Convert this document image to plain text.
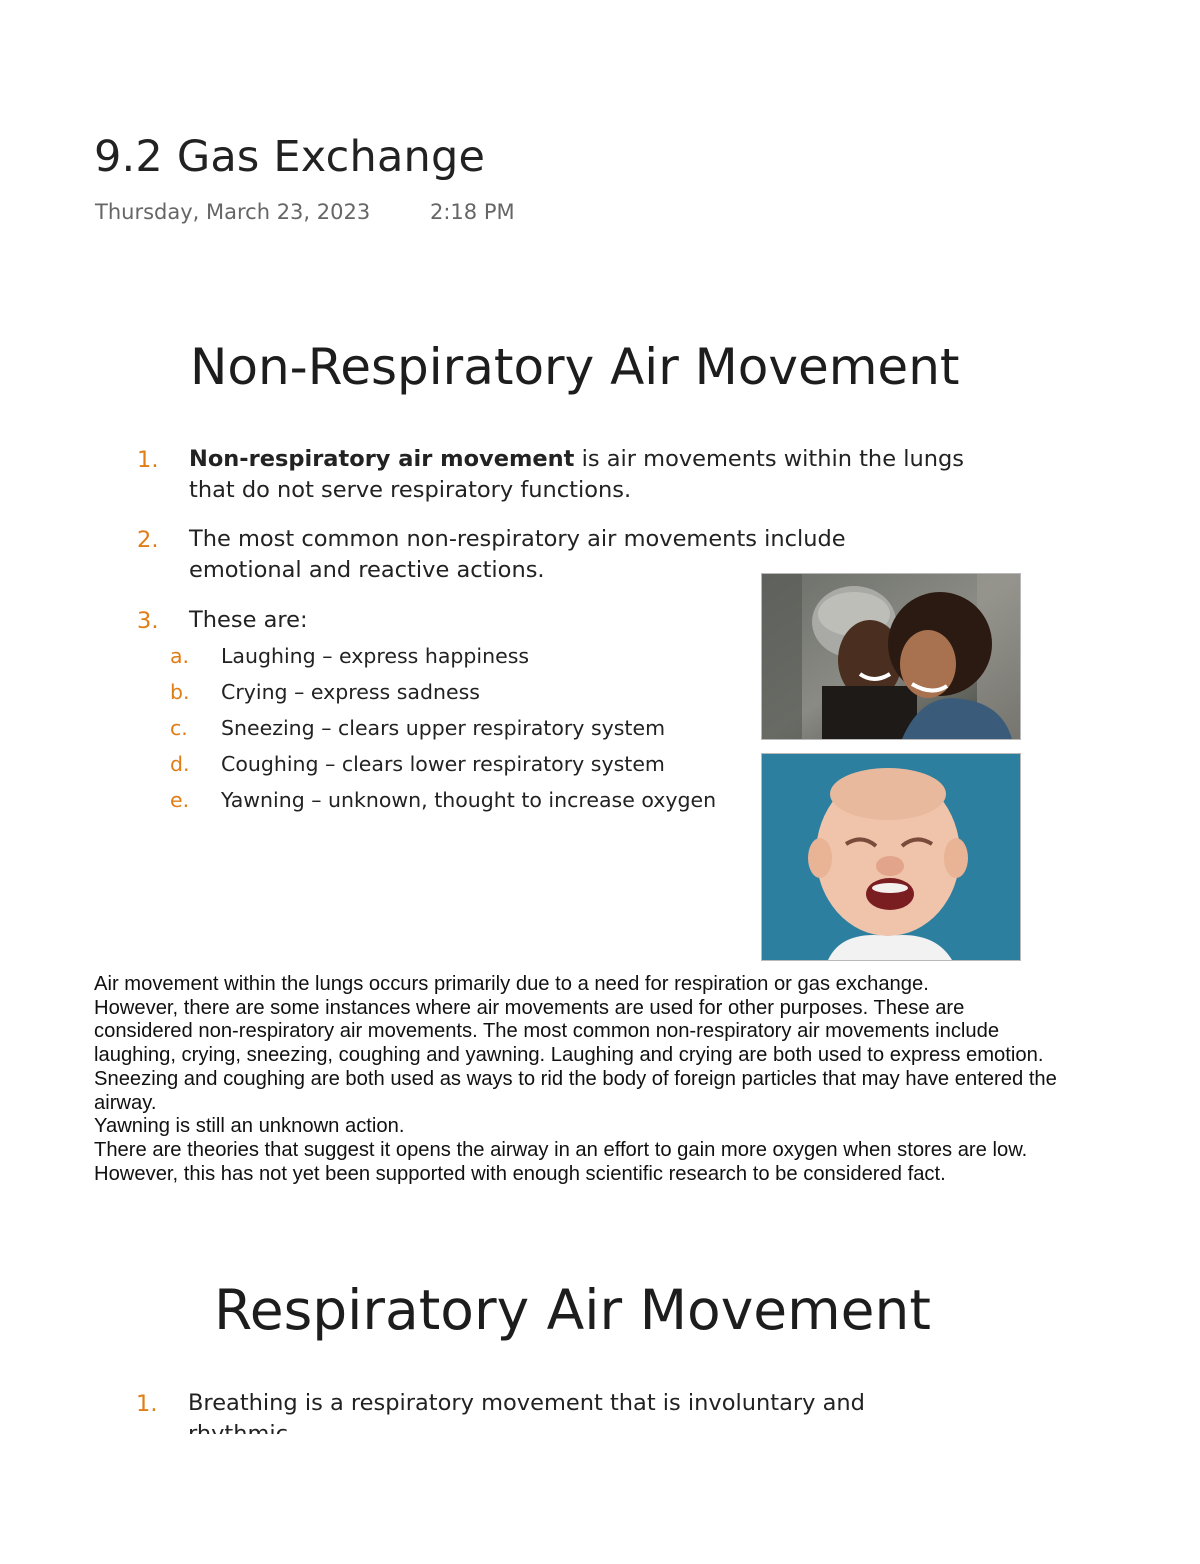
9.2 Gas Exchange
Thursday, March 23, 2023	2:18 PM
Non-Respiratory Air Movement
1. Non-respiratory air movement is air movements within the lungs
that do not serve respiratory functions.
2. The most common non-respiratory air movements include
emotional and reactive actions.
3. These are:
a. Laughing – express happiness
b. Crying – express sadness
c. Sneezing – clears upper respiratory system
d. Coughing – clears lower respiratory system
e. Yawning – unknown, thought to increase oxygen
Air movement within the lungs occurs primarily due to a need for respiration or gas exchange.
However, there are some instances where air movements are used for other purposes. These are
considered non-respiratory air movements. The most common non-respiratory air movements include
laughing, crying, sneezing, coughing and yawning. Laughing and crying are both used to express emotion.
Sneezing and coughing are both used as ways to rid the body of foreign particles that may have entered the
airway.
Yawning is still an unknown action.
There are theories that suggest it opens the airway in an effort to gain more oxygen when stores are low.
However, this has not yet been supported with enough scientific research to be considered fact.
Respiratory Air Movement
1. Breathing is a respiratory movement that is involuntary and
